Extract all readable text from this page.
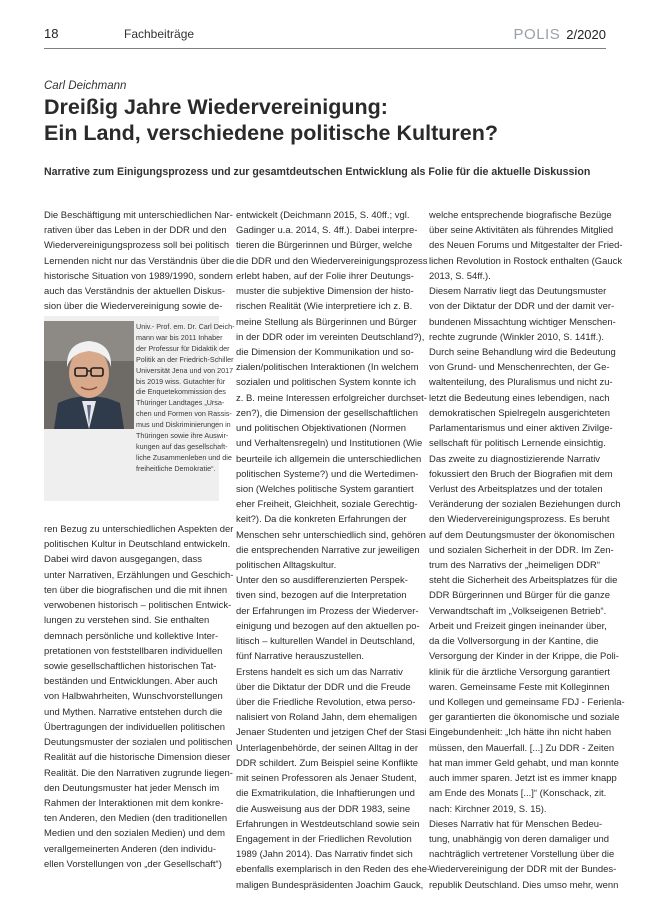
18	Fachbeiträge	POLIS 2/2020
Carl Deichmann
Dreißig Jahre Wiedervereinigung:
Ein Land, verschiedene politische Kulturen?
Narrative zum Einigungsprozess und zur gesamtdeutschen Entwicklung als Folie für die aktuelle Diskussion
Die Beschäftigung mit unterschiedlichen Nar-
rativen über das Leben in der DDR und den
Wiedervereinigungsprozess soll bei politisch
Lernenden nicht nur das Verständnis über die
historische Situation von 1989/1990, sondern
auch das Verständnis der aktuellen Diskus-
sion über die Wiedervereinigung sowie de-
ren Bezug zu unterschiedlichen Aspekten der
politischen Kultur in Deutschland entwickeln.
Dabei wird davon ausgegangen, dass
unter Narrativen, Erzählungen und Geschich-
ten über die biografischen und die mit ihnen
verwobenen historisch – politischen Entwick-
lungen zu verstehen sind. Sie enthalten
demnach persönliche und kollektive Inter-
pretationen von feststellbaren individuellen
sowie gesellschaftlichen historischen Tat-
beständen und Entwicklungen. Aber auch
von Halbwahrheiten, Wunschvorstellungen
und Mythen. Narrative entstehen durch die
Übertragungen der individuellen politischen
Deutungsmuster der sozialen und politischen
Realität auf die historische Dimension dieser
Realität. Die den Narrativen zugrunde liegen-
den Deutungsmuster hat jeder Mensch im
Rahmen der Interaktionen mit dem konkre-
ten Anderen, den Medien (den traditionellen
Medien und den sozialen Medien) und dem
verallgemeinerten Anderen (den individu-
ellen Vorstellungen von „der Gesellschaft“)
Univ.- Prof. em. Dr. Carl Deich-
mann war bis 2011 Inhaber
der Professur für Didaktik der
Politik an der Friedrich-Schiller
Universität Jena und von 2017
bis 2019 wiss. Gutachter für
die Enquetekommission des
Thüringer Landtages „Ursa-
chen und Formen von Rassis-
mus und Diskriminierungen in
Thüringen sowie ihre Auswir-
kungen auf das gesellschaft-
liche Zusammenleben und die
freiheitliche Demokratie“.
entwickelt (Deichmann 2015, S. 40ff.; vgl.
Gadinger u.a. 2014, S. 4ff.). Dabei interpre-
tieren die Bürgerinnen und Bürger, welche
die DDR und den Wiedervereinigungsprozess
erlebt haben, auf der Folie ihrer Deutungs-
muster die subjektive Dimension der histo-
rischen Realität (Wie interpretiere ich z. B.
meine Stellung als Bürgerinnen und Bürger
in der DDR oder im vereinten Deutschland?),
die Dimension der Kommunikation und so-
zialen/politischen Interaktionen (In welchem
sozialen und politischen System konnte ich
z. B. meine Interessen erfolgreicher durchset-
zen?), die Dimension der gesellschaftlichen
und politischen Objektivationen (Normen
und Verhaltensregeln) und Institutionen (Wie
beurteile ich allgemein die unterschiedlichen
politischen Systeme?) und die Wertedimen-
sion (Welches politische System garantiert
eher Freiheit, Gleichheit, soziale Gerechtig-
keit?). Da die konkreten Erfahrungen der
Menschen sehr unterschiedlich sind, gehören
die entsprechenden Narrative zur jeweiligen
politischen Alltagskultur.
Unter den so ausdifferenzierten Perspek-
tiven sind, bezogen auf die Interpretation
der Erfahrungen im Prozess der Wiederver-
einigung und bezogen auf den aktuellen po-
litisch – kulturellen Wandel in Deutschland,
fünf Narrative herauszustellen.
Erstens handelt es sich um das Narrativ
über die Diktatur der DDR und die Freude
über die Friedliche Revolution, etwa perso-
nalisiert von Roland Jahn, dem ehemaligen
Jenaer Studenten und jetzigen Chef der Stasi
Unterlagenbehörde, der seinen Alltag in der
DDR schildert. Zum Beispiel seine Konflikte
mit seinen Professoren als Jenaer Student,
die Exmatrikulation, die Inhaftierungen und
die Ausweisung aus der DDR 1983, seine
Erfahrungen in Westdeutschland sowie sein
Engagement in der Friedlichen Revolution
1989 (Jahn 2014). Das Narrativ findet sich
ebenfalls exemplarisch in den Reden des ehe-
maligen Bundespräsidenten Joachim Gauck,
welche entsprechende biografische Bezüge
über seine Aktivitäten als führendes Mitglied
des Neuen Forums und Mitgestalter der Fried-
lichen Revolution in Rostock enthalten (Gauck
2013, S. 54ff.).
Diesem Narrativ liegt das Deutungsmuster
von der Diktatur der DDR und der damit ver-
bundenen Missachtung wichtiger Menschen-
rechte zugrunde (Winkler 2010, S. 141ff.).
Durch seine Behandlung wird die Bedeutung
von Grund- und Menschenrechten, der Ge-
waltenteilung, des Pluralismus und nicht zu-
letzt die Bedeutung eines lebendigen, nach
demokratischen Spielregeln ausgerichteten
Parlamentarismus und einer aktiven Zivilge-
sellschaft für politisch Lernende einsichtig.
Das zweite zu diagnostizierende Narrativ
fokussiert den Bruch der Biografien mit dem
Verlust des Arbeitsplatzes und der totalen
Veränderung der sozialen Beziehungen durch
den Wiedervereinigungsprozess. Es beruht
auf dem Deutungsmuster der ökonomischen
und sozialen Sicherheit in der DDR. Im Zen-
trum des Narrativs der „heimeligen DDR“
steht die Sicherheit des Arbeitsplatzes für die
DDR Bürgerinnen und Bürger für die ganze
Verwandtschaft im „Volkseigenen Betrieb“.
Arbeit und Freizeit gingen ineinander über,
da die Vollversorgung in der Kantine, die
Versorgung der Kinder in der Krippe, die Poli-
klinik für die ärztliche Versorgung garantiert
waren. Gemeinsame Feste mit Kolleginnen
und Kollegen und gemeinsame FDJ - Ferienla-
ger garantierten die ökonomische und soziale
Eingebundenheit: „Ich hätte ihn nicht haben
müssen, den Mauerfall. [...] Zu DDR - Zeiten
hat man immer Geld gehabt, und man konnte
auch immer sparen. Jetzt ist es immer knapp
am Ende des Monats [...]“ (Konschack, zit.
nach: Kirchner 2019, S. 15).
Dieses Narrativ hat für Menschen Bedeu-
tung, unabhängig von deren damaliger und
nachträglich vertretener Vorstellung über die
Wiedervereinigung der DDR mit der Bundes-
republik Deutschland. Dies umso mehr, wenn
